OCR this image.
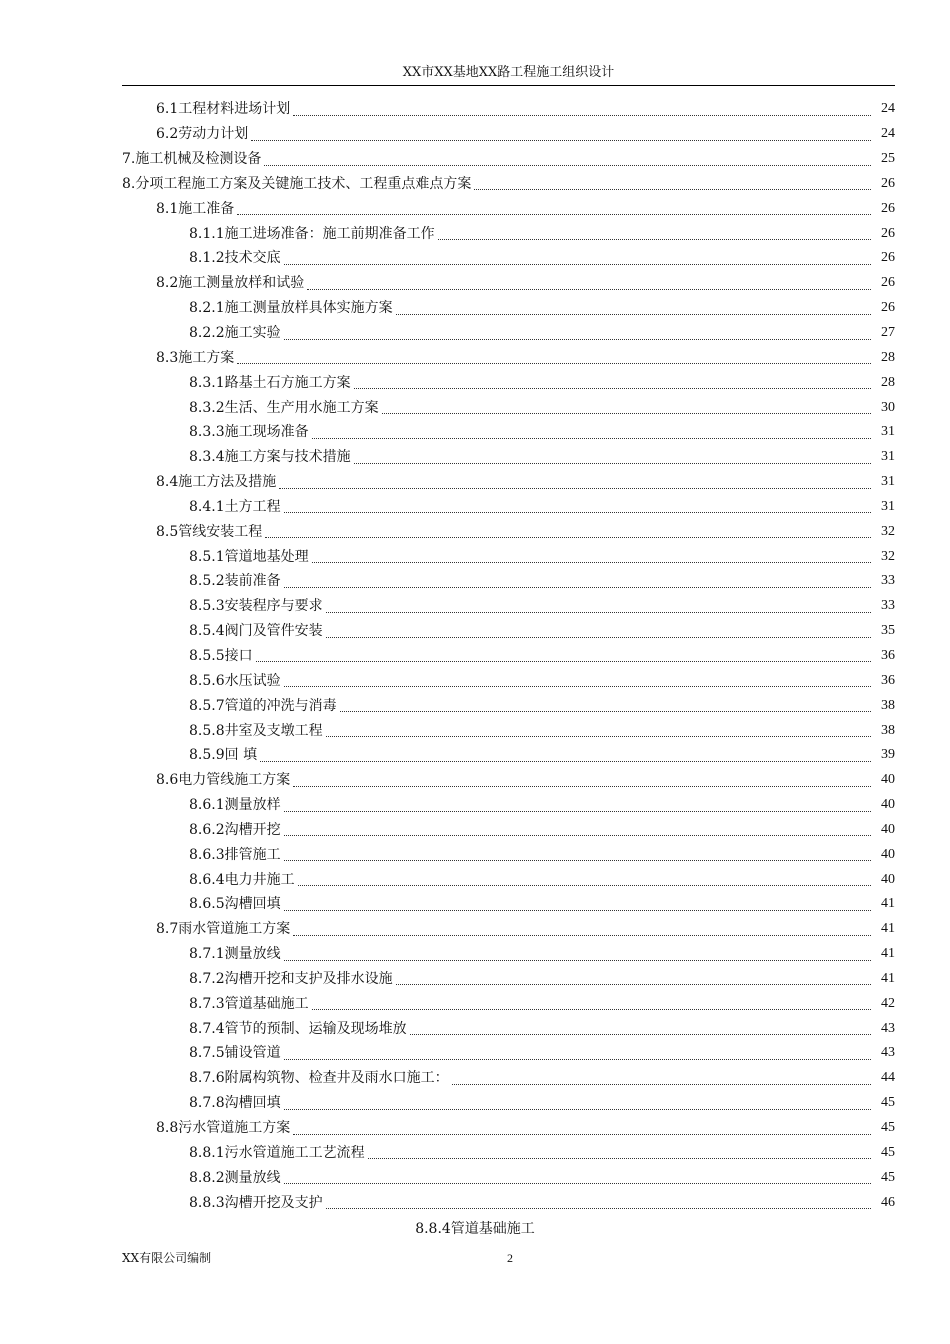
XX市XX基地XX路工程施工组织设计
6.1工程材料进场计划	24
6.2劳动力计划	24
7.施工机械及检测设备	25
8.分项工程施工方案及关键施工技术、工程重点难点方案	26
8.1施工准备	26
8.1.1施工进场准备：施工前期准备工作	26
8.1.2技术交底	26
8.2施工测量放样和试验	26
8.2.1施工测量放样具体实施方案	26
8.2.2施工实验	27
8.3施工方案	28
8.3.1路基土石方施工方案	28
8.3.2生活、生产用水施工方案	30
8.3.3施工现场准备	31
8.3.4施工方案与技术措施	31
8.4施工方法及措施	31
8.4.1土方工程	31
8.5管线安装工程	32
8.5.1管道地基处理	32
8.5.2装前准备	33
8.5.3安装程序与要求	33
8.5.4阀门及管件安装	35
8.5.5接口	36
8.5.6水压试验	36
8.5.7管道的冲洗与消毒	38
8.5.8井室及支墩工程	38
8.5.9回 填	39
8.6电力管线施工方案	40
8.6.1测量放样	40
8.6.2沟槽开挖	40
8.6.3排管施工	40
8.6.4电力井施工	40
8.6.5沟槽回填	41
8.7雨水管道施工方案	41
8.7.1测量放线	41
8.7.2沟槽开挖和支护及排水设施	41
8.7.3管道基础施工	42
8.7.4管节的预制、运输及现场堆放	43
8.7.5铺设管道	43
8.7.6附属构筑物、检查井及雨水口施工：	44
8.7.8沟槽回填	45
8.8污水管道施工方案	45
8.8.1污水管道施工工艺流程	45
8.8.2测量放线	45
8.8.3沟槽开挖及支护	46
8.8.4管道基础施工
XX有限公司编制	2
